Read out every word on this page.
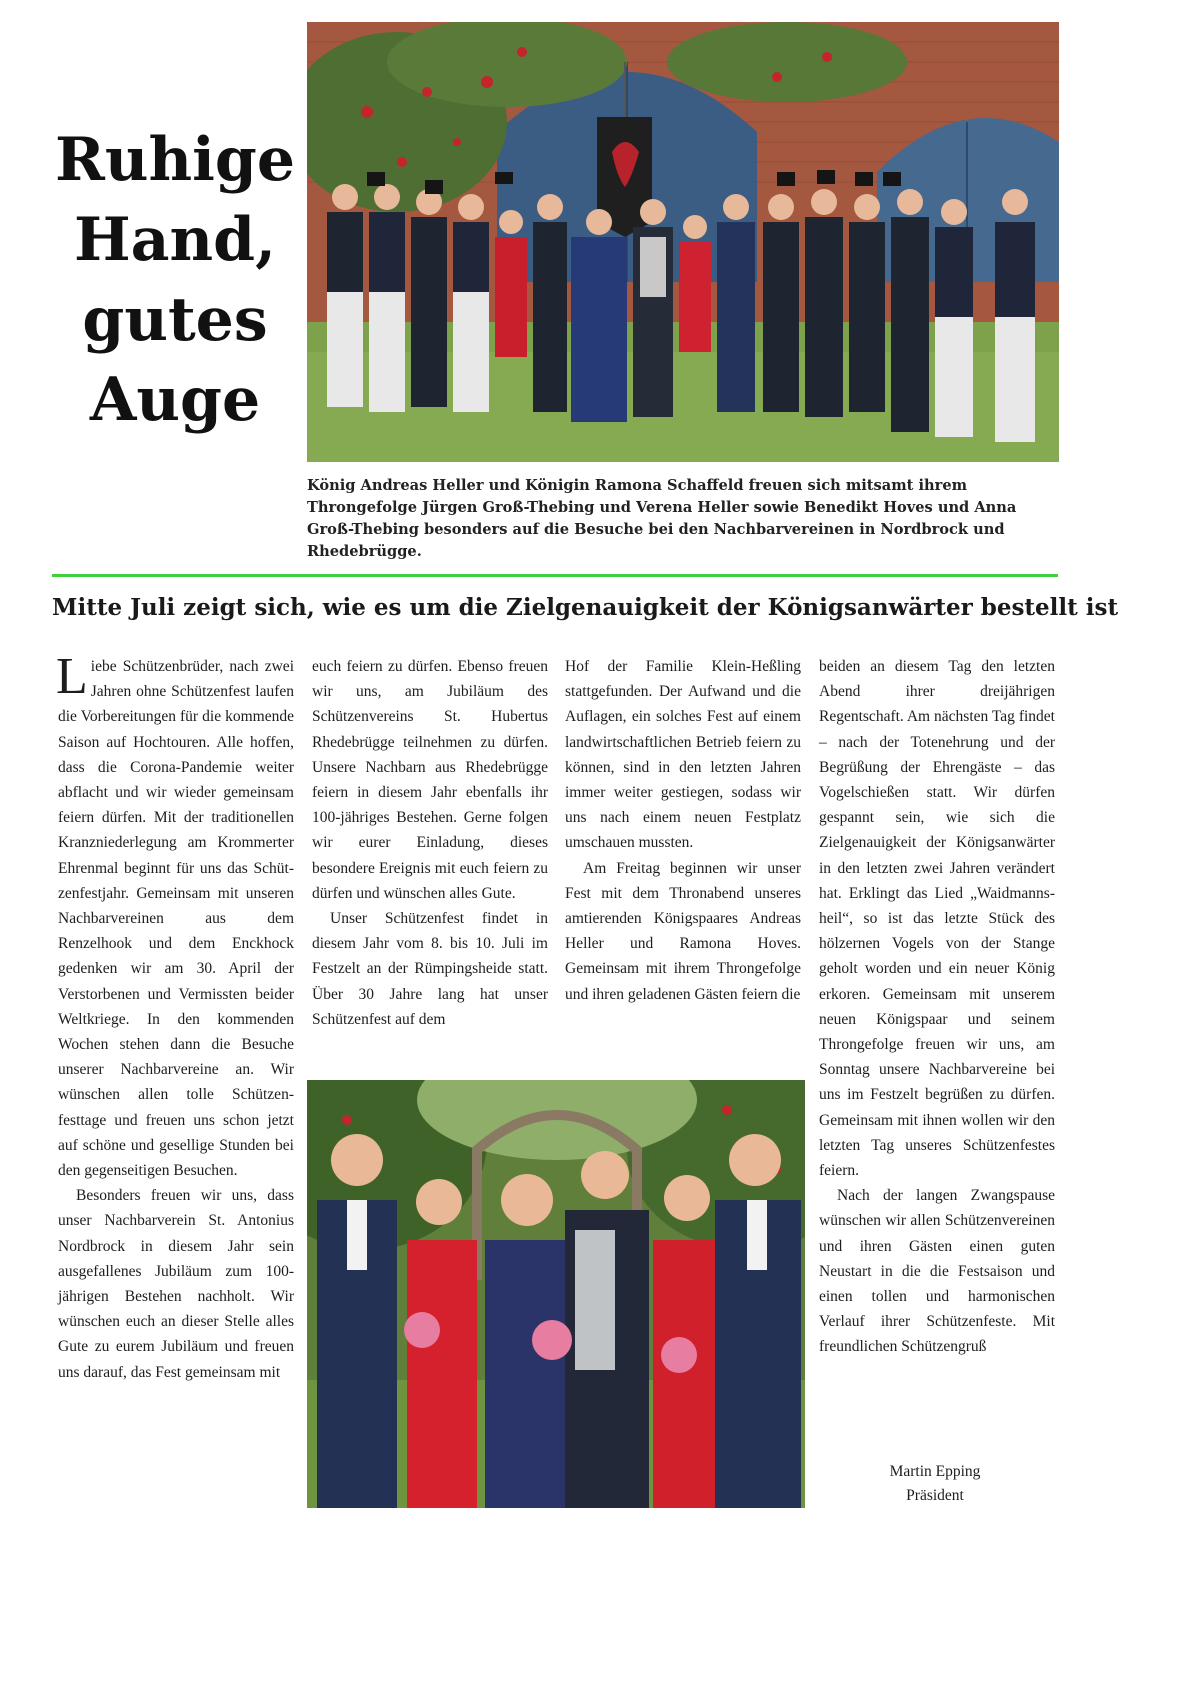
Ruhige
Hand,
gutes
Auge

König Andreas Heller und Königin Ramona Schaffeld freuen sich mitsamt ihrem Throngefolge Jürgen Groß-Thebing und Verena Heller sowie Benedikt Hoves und Anna Groß-Thebing besonders auf die Besuche bei den Nachbarvereinen in Nordbrock und Rhedebrügge.

Mitte Juli zeigt sich, wie es um die Zielgenauigkeit der Königsanwärter bestellt ist

Liebe Schützenbrüder, nach zwei Jahren ohne Schützenfest laufen die Vorbereitungen für die kommende Saison auf Hochtouren. Alle hoffen, dass die Corona-Pandemie weiter abflacht und wir wieder gemeinsam feiern dürfen. Mit der traditionellen Kranzniederlegung am Krommerter Ehrenmal beginnt für uns das Schützenfestjahr. Gemeinsam mit unseren Nachbarvereinen aus dem Renzelhook und dem Enckhock gedenken wir am 30. April der Verstorbenen und Vermissten beider Weltkriege. In den kommenden Wochen stehen dann die Besuche unserer Nachbarvereine an. Wir wünschen allen tolle Schützenfesttage und freuen uns schon jetzt auf schöne und gesellige Stunden bei den gegenseitigen Besuchen.

Besonders freuen wir uns, dass unser Nachbarverein St. Antonius Nordbrock in diesem Jahr sein ausgefallenes Jubiläum zum 100-jährigen Bestehen nachholt. Wir wünschen euch an dieser Stelle alles Gute zu eurem Jubiläum und freuen uns darauf, das Fest gemeinsam mit

euch feiern zu dürfen. Ebenso freuen wir uns, am Jubiläum des Schützenvereins St. Hubertus Rhedebrügge teilnehmen zu dürfen. Unsere Nachbarn aus Rhedebrügge feiern in diesem Jahr ebenfalls ihr 100-jähriges Bestehen. Gerne folgen wir eurer Einladung, dieses besondere Ereignis mit euch feiern zu dürfen und wünschen alles Gute.

Unser Schützenfest findet in diesem Jahr vom 8. bis 10. Juli im Festzelt an der Rümpingsheide statt. Über 30 Jahre lang hat unser Schützenfest auf dem

Hof der Familie Klein-Heßling stattgefunden. Der Aufwand und die Auflagen, ein solches Fest auf einem landwirtschaftlichen Betrieb feiern zu können, sind in den letzten Jahren immer weiter gestiegen, sodass wir uns nach einem neuen Festplatz umschauen mussten.

Am Freitag beginnen wir unser Fest mit dem Thronabend unseres amtierenden Königspaares Andreas Heller und Ramona Hoves. Gemeinsam mit ihrem Throngefolge und ihren geladenen Gästen feiern die

beiden an diesem Tag den letzten Abend ihrer dreijährigen Regentschaft. Am nächsten Tag findet – nach der Totenehrung und der Begrüßung der Ehrengäste – das Vogelschießen statt. Wir dürfen gespannt sein, wie sich die Zielgenauigkeit der Königsanwärter in den letzten zwei Jahren verändert hat. Erklingt das Lied „Waidmannsheil“, so ist das letzte Stück des hölzernen Vogels von der Stange geholt worden und ein neuer König erkoren. Gemeinsam mit unserem neuen Königspaar und seinem Throngefolge freuen wir uns, am Sonntag unsere Nachbarvereine bei uns im Festzelt begrüßen zu dürfen. Gemeinsam mit ihnen wollen wir den letzten Tag unseres Schützenfestes feiern.

Nach der langen Zwangspause wünschen wir allen Schützenvereinen und ihren Gästen einen guten Neustart in die die Festsaison und einen tollen und harmonischen Verlauf ihrer Schützenfeste. Mit freundlichen Schützengruß

Martin Epping
Präsident
